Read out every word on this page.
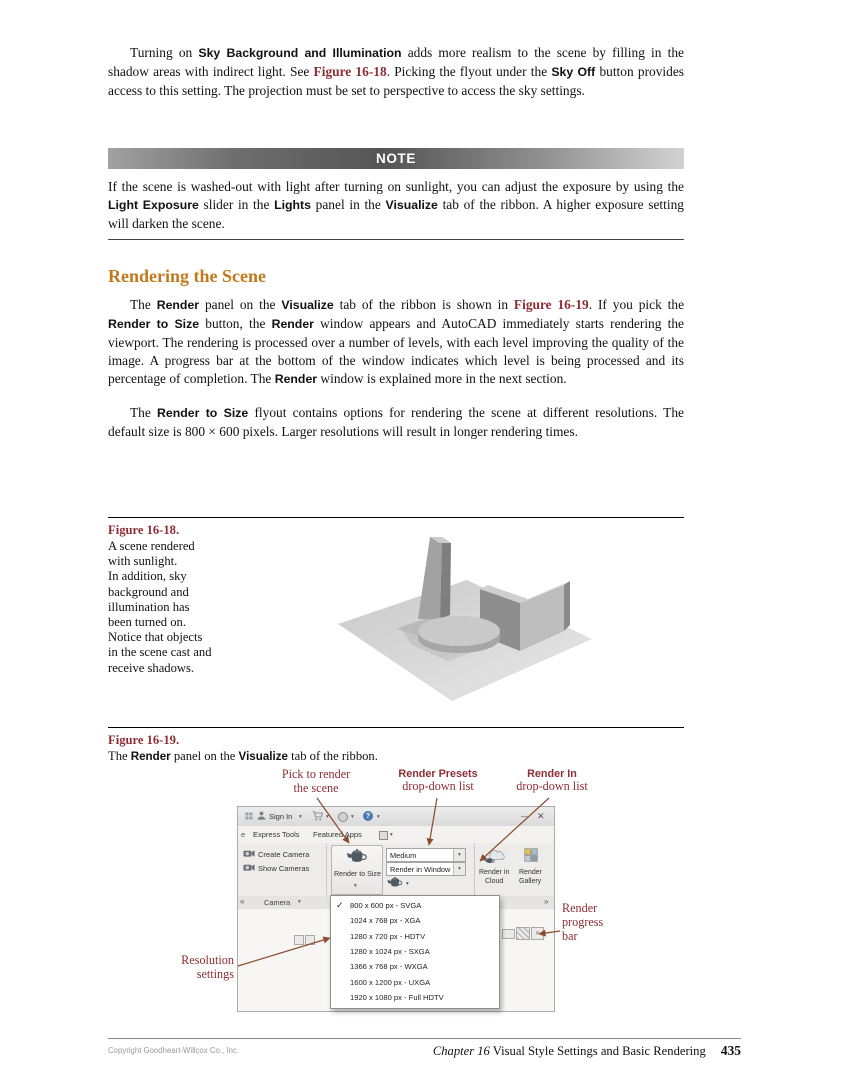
Turning on Sky Background and Illumination adds more realism to the scene by filling in the shadow areas with indirect light. See Figure 16-18. Picking the flyout under the Sky Off button provides access to this setting. The projection must be set to perspective to access the sky settings.

NOTE

If the scene is washed-out with light after turning on sunlight, you can adjust the exposure by using the Light Exposure slider in the Lights panel in the Visualize tab of the ribbon. A higher exposure setting will darken the scene.

Rendering the Scene

The Render panel on the Visualize tab of the ribbon is shown in Figure 16-19. If you pick the Render to Size button, the Render window appears and AutoCAD immediately starts rendering the viewport. The rendering is processed over a number of levels, with each level improving the quality of the image. A progress bar at the bottom of the window indicates which level is being processed and its percentage of completion. The Render window is explained more in the next section.

The Render to Size flyout contains options for rendering the scene at different resolutions. The default size is 800 × 600 pixels. Larger resolutions will result in longer rendering times.

Figure 16-18.
A scene rendered
with sunlight.
In addition, sky
background and
illumination has
been turned on.
Notice that objects
in the scene cast and
receive shadows.
Figure 16-19.
The Render panel on the Visualize tab of the ribbon.
Pick to render
the scene
Render Presets
drop-down list
Render In
drop-down list
Render progress bar
Resolution settings
Sign In ▾	▾	▾	?	▾	— ✕
e Express Tools Featured Apps	▾
Create Camera
Show Cameras
Render to Size
▾
Medium	▾
Render in Window	▾
▾
Render in
Cloud
Render
Gallery
«	Camera ▾	»
✕
✓ 800 x 600 px - SVGA
1024 x 768 px - XGA
1280 x 720 px - HDTV
1280 x 1024 px - SXGA
1366 x 768 px - WXGA
1600 x 1200 px - UXGA
1920 x 1080 px - Full HDTV
Copyright Goodheart-Willcox Co., Inc.	Chapter 16 Visual Style Settings and Basic Rendering 435
